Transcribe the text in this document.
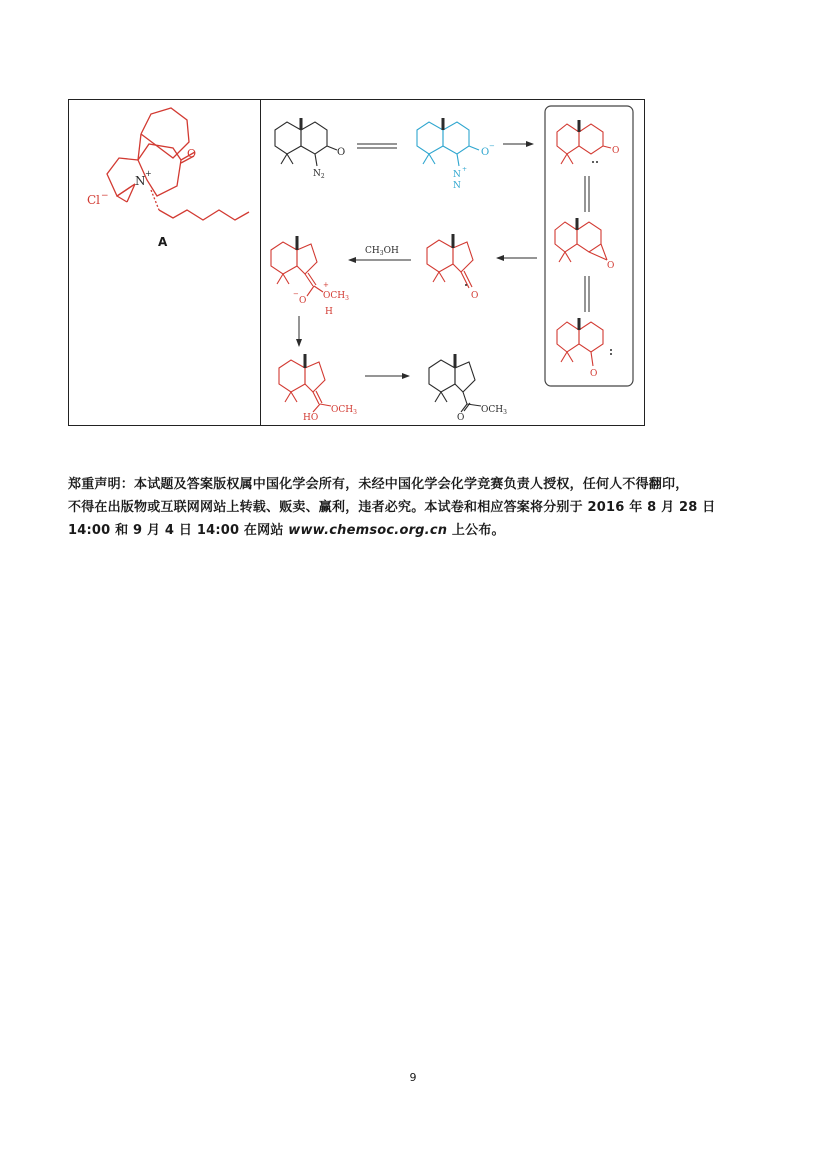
O
N
+
Cl −
A
O
$N_2$
O
−
N
+
N
O
O
O
O
$CH_3OH$
O
−	$OCH_3$
+
H
HO
$OCH_3$
O
$OCH_3$
郑重声明：本试题及答案版权属中国化学会所有，未经中国化学会化学竞赛负责人授权，任何人不得翻印，
不得在出版物或互联网网站上转载、贩卖、赢利，违者必究。本试卷和相应答案将分别于 2016 年 8 月 28 日
14:00 和 9 月 4 日 14:00 在网站 www.chemsoc.org.cn 上公布。
9
